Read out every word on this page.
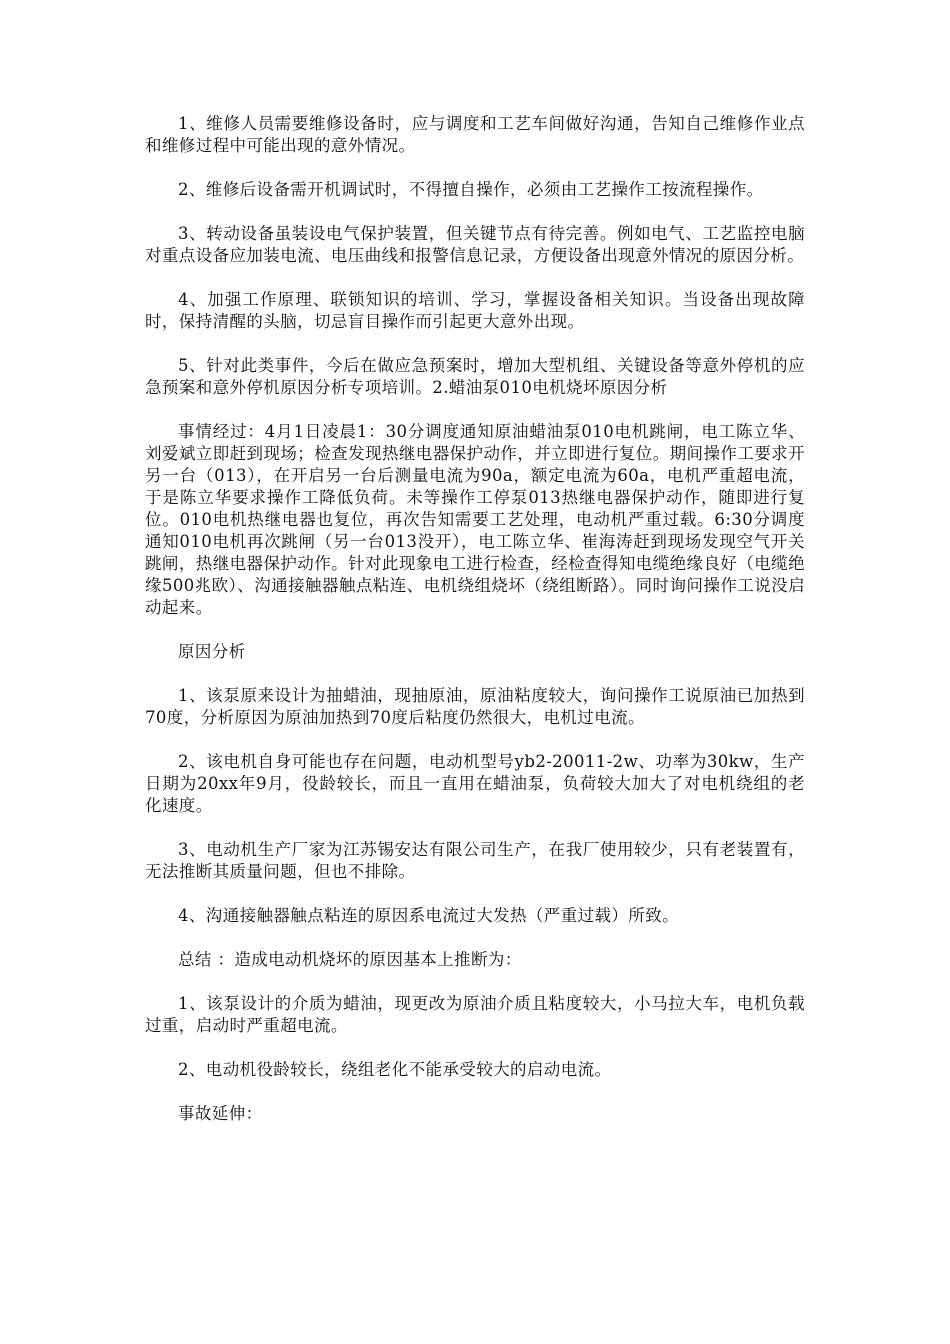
1、维修人员需要维修设备时，应与调度和工艺车间做好沟通，告知自己维修作业点和维修过程中可能出现的意外情况。

2、维修后设备需开机调试时，不得擅自操作，必须由工艺操作工按流程操作。

3、转动设备虽装设电气保护装置，但关键节点有待完善。例如电气、工艺监控电脑对重点设备应加装电流、电压曲线和报警信息记录，方便设备出现意外情况的原因分析。

4、加强工作原理、联锁知识的培训、学习，掌握设备相关知识。当设备出现故障时，保持清醒的头脑，切忌盲目操作而引起更大意外出现。

5、针对此类事件，今后在做应急预案时，增加大型机组、关键设备等意外停机的应急预案和意外停机原因分析专项培训。2.蜡油泵010电机烧坏原因分析

事情经过：4月1日凌晨1：30分调度通知原油蜡油泵010电机跳闸，电工陈立华、刘爱斌立即赶到现场；检查发现热继电器保护动作，并立即进行复位。期间操作工要求开另一台（013），在开启另一台后测量电流为90a，额定电流为60a，电机严重超电流，于是陈立华要求操作工降低负荷。未等操作工停泵013热继电器保护动作，随即进行复位。010电机热继电器也复位，再次告知需要工艺处理，电动机严重过载。6:30分调度通知010电机再次跳闸（另一台013没开），电工陈立华、崔海涛赶到现场发现空气开关跳闸，热继电器保护动作。针对此现象电工进行检查，经检查得知电缆绝缘良好（电缆绝缘500兆欧）、沟通接触器触点粘连、电机绕组烧坏（绕组断路）。同时询问操作工说没启动起来。

原因分析

1、该泵原来设计为抽蜡油，现抽原油，原油粘度较大，询问操作工说原油已加热到70度，分析原因为原油加热到70度后粘度仍然很大，电机过电流。

2、该电机自身可能也存在问题，电动机型号yb2-20011-2w、功率为30kw，生产日期为20xx年9月，役龄较长，而且一直用在蜡油泵，负荷较大加大了对电机绕组的老化速度。

3、电动机生产厂家为江苏锡安达有限公司生产，在我厂使用较少，只有老装置有，无法推断其质量问题，但也不排除。

4、沟通接触器触点粘连的原因系电流过大发热（严重过载）所致。

总结 ：造成电动机烧坏的原因基本上推断为：

1、该泵设计的介质为蜡油，现更改为原油介质且粘度较大，小马拉大车，电机负载过重，启动时严重超电流。

2、电动机役龄较长，绕组老化不能承受较大的启动电流。

事故延伸：
